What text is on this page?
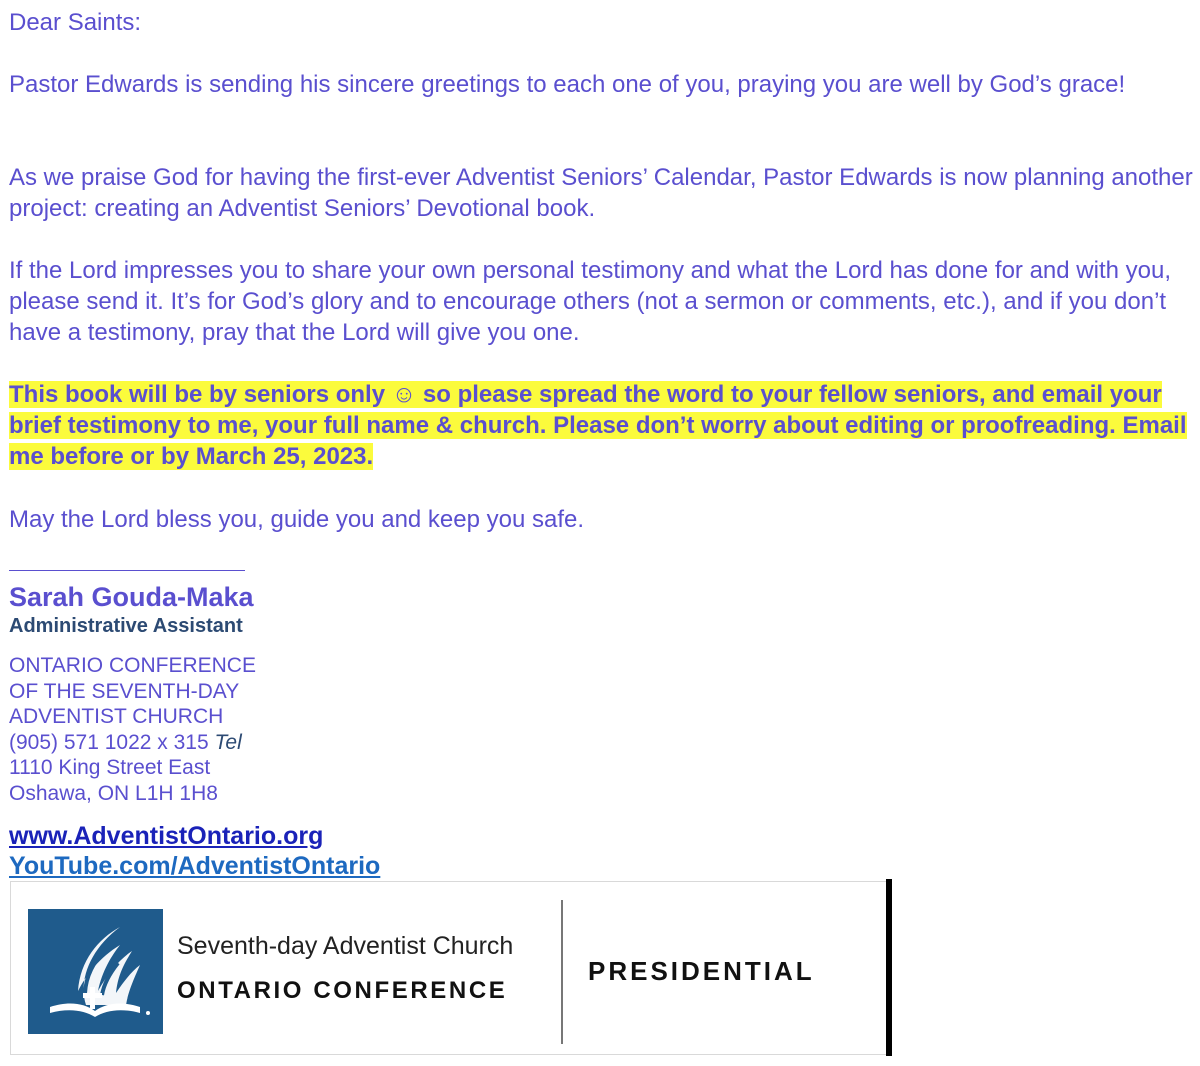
Dear Saints:

Pastor Edwards is sending his sincere greetings to each one of you, praying you are well by God’s grace!

As we praise God for having the first-ever Adventist Seniors’ Calendar, Pastor Edwards is now planning another project: creating an Adventist Seniors’ Devotional book.

If the Lord impresses you to share your own personal testimony and what the Lord has done for and with you, please send it. It’s for God’s glory and to encourage others (not a sermon or comments, etc.), and if you don’t have a testimony, pray that the Lord will give you one.

This book will be by seniors only ☺ so please spread the word to your fellow seniors, and email your brief testimony to me, your full name & church. Please don’t worry about editing or proofreading. Email me before or by March 25, 2023.

May the Lord bless you, guide you and keep you safe.

Sarah Gouda-Maka
Administrative Assistant
ONTARIO CONFERENCE
OF THE SEVENTH-DAY
ADVENTIST CHURCH
(905) 571 1022 x 315 Tel
1110 King Street East
Oshawa, ON L1H 1H8
www.AdventistOntario.org
YouTube.com/AdventistOntario
Seventh-day Adventist Church
ONTARIO CONFERENCE
PRESIDENTIAL
